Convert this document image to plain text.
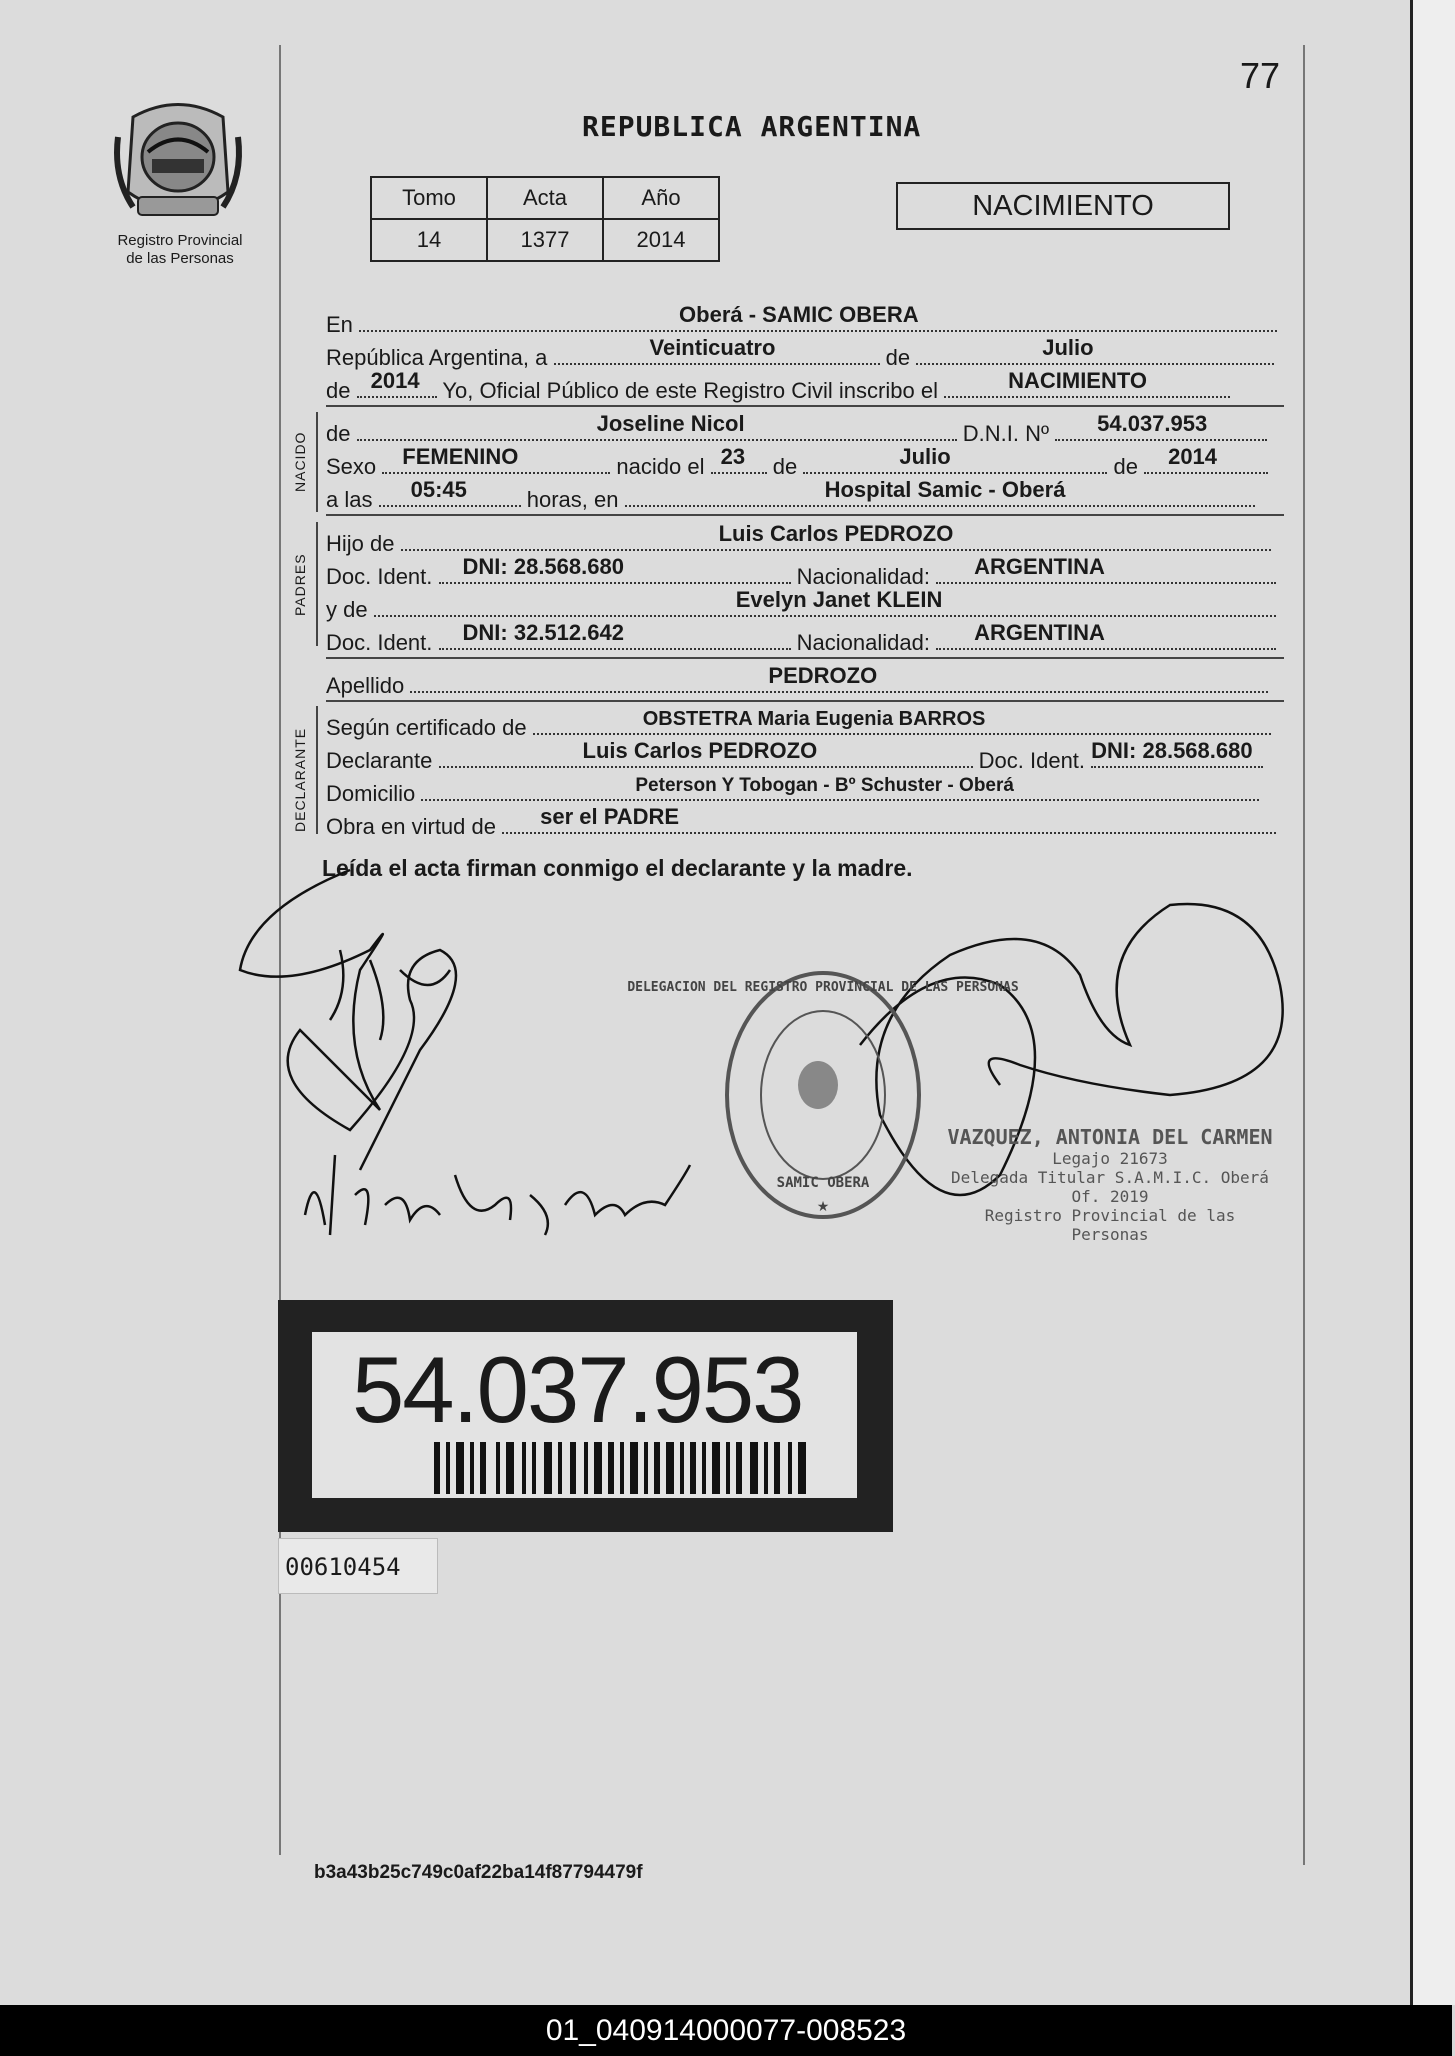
77
REPUBLICA ARGENTINA
Registro Provincial
de las Personas
Tomo	Acta	Año
14	1377	2014
NACIMIENTO
En	Oberá - SAMIC OBERA
República Argentina, a	Veinticuatro	de	Julio
de 2014 Yo, Oficial Público de este Registro Civil inscribo el	NACIMIENTO
NACIDO de	Joseline Nicol	D.N.I. Nº 54.037.953
Sexo FEMENINO	nacido el 23 de	Julio	de 2014
a las 05:45	horas, en	Hospital Samic - Oberá
PADRES
Hijo de	Luis Carlos PEDROZO
Doc. Ident. DNI: 28.568.680	Nacionalidad: ARGENTINA
y de	Evelyn Janet KLEIN
Doc. Ident. DNI: 32.512.642	Nacionalidad: ARGENTINA
Apellido	PEDROZO
DECLARANTE
Según certificado de	OBSTETRA Maria Eugenia BARROS
Declarante	Luis Carlos PEDROZO	Doc. Ident. DNI: 28.568.680
Domicilio	Peterson Y Tobogan - Bº Schuster - Oberá
Obra en virtud de ser el PADRE
Leída el acta firman conmigo el declarante y la madre.
DELEGACION DEL REGISTRO PROVINCIAL DE LAS PERSONAS
SAMIC OBERA
★
VAZQUEZ, ANTONIA DEL CARMEN
Legajo 21673
Delegada Titular S.A.M.I.C. Oberá Of. 2019
Registro Provincial de las Personas
54.037.953
00610454
b3a43b25c749c0af22ba14f87794479f
01_040914000077-008523
